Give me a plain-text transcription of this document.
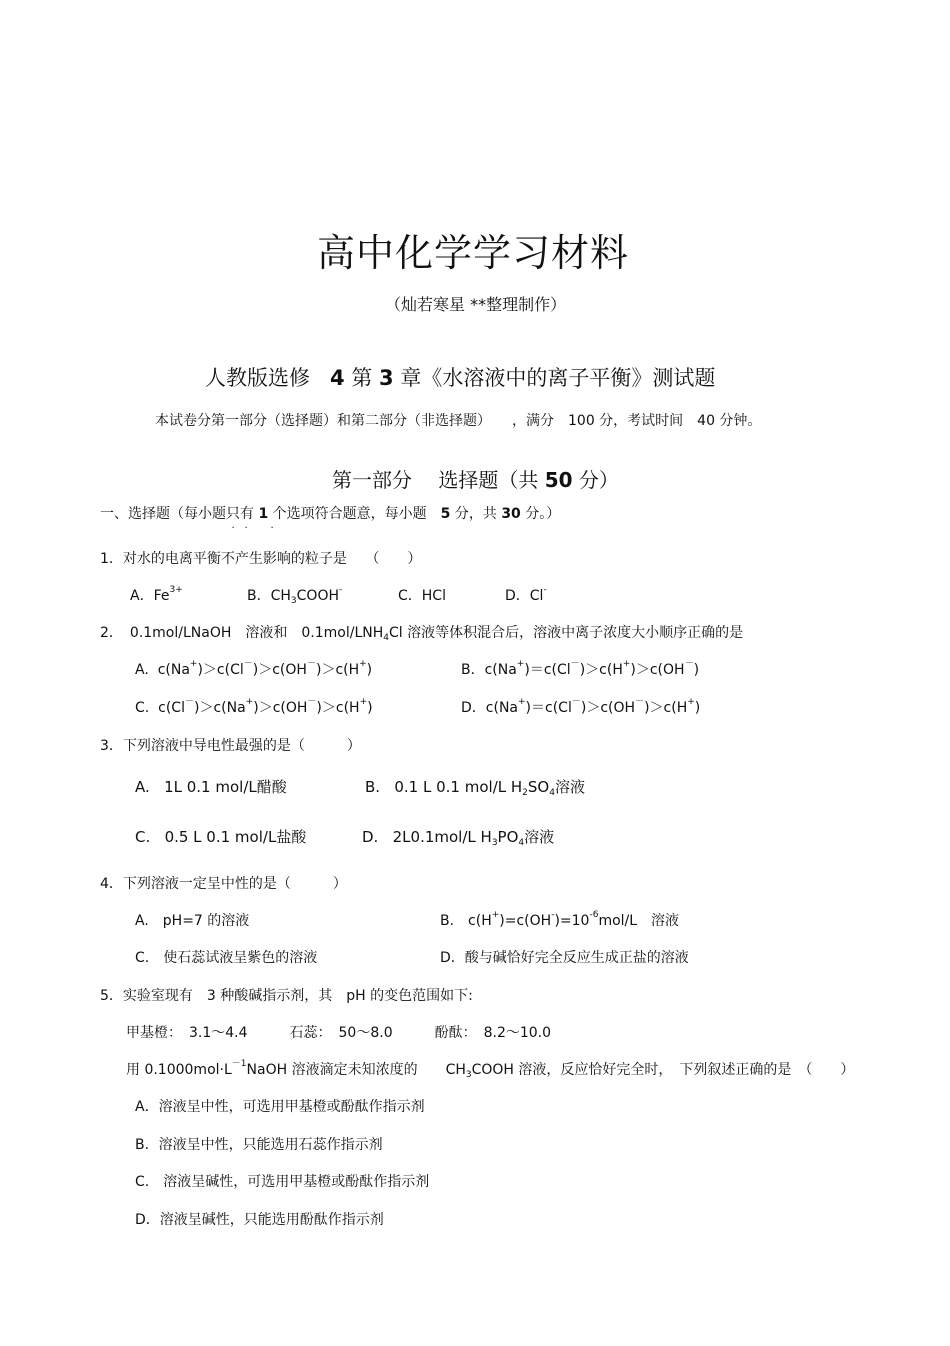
高中化学学习材料
（灿若寒星 **整理制作）
人教版选修 4 第 3 章《水溶液中的离子平衡》测试题
本试卷分第一部分（选择题）和第二部分（非选择题）　　，满分　100 分，考试时间　40 分钟。
第一部分　 选择题（共 50 分）
一、选择题（每小题只有
. .
1
.
个选项符合题意，每小题　5 分，共 30 分。）
1．对水的电离平衡不产生影响的粒子是　 （　　）
A．$Fe^{3+}$	B．$CH_3COOH^-$	C．HCl	D．Cl-
2．　0.1mol/LNaOH　溶液和　$0.1mol/LNH_4Cl$ 溶液等体积混合后，溶液中离子浓度大小顺序正确的是
A. c(Na+)＞c(Cl－)＞c(OH－)＞c(H+)	B．c(Na+)＝c(Cl－)＞c(H+)＞c(OH－)
C. c(Cl－)＞c(Na+)＞c(OH－)＞c(H+)	D．c(Na+)＝c(Cl－)＞c(OH－)＞c(H+)
3．下列溶液中导电性最强的是（　　　）
A. 1L 0.1 mol/L醋酸	B. 0.1 L 0.1 mol/L $H_2SO_4$溶液
C. 0.5 L 0.1 mol/L盐酸	D. 2L0.1mol/L $H_3PO_4$溶液
4．下列溶液一定呈中性的是（　　　）
A.　pH=7 的溶液	B.　$c(H^+)=c(OH^-)=10^{-6}mol/L$　溶液
C.　使石蕊试液呈紫色的溶液	D．酸与碱恰好完全反应生成正盐的溶液
5．实验室现有　3 种酸碱指示剂，其　pH 的变色范围如下:
甲基橙：　3.1～4.4　　　石蕊：　50～8.0　　　酚酞：　8.2～10.0
用 $0.1000mol\cdot L^{-1}NaOH$ 溶液滴定未知浓度的　　$CH_3COOH$ 溶液，反应恰好完全时，　下列叙述正确的是　（　　）
A．溶液呈中性，可选用甲基橙或酚酞作指示剂
B．溶液呈中性，只能选用石蕊作指示剂
C.　溶液呈碱性，可选用甲基橙或酚酞作指示剂
D．溶液呈碱性，只能选用酚酞作指示剂
